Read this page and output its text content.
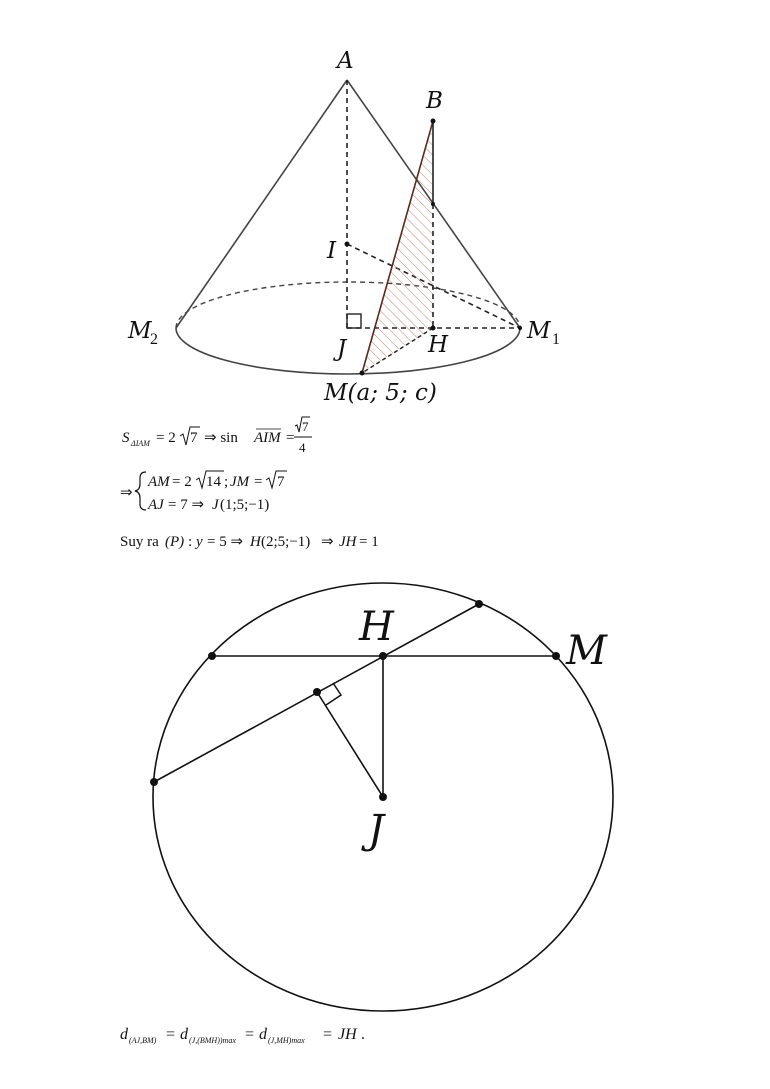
A
B
I
M
2	M 1
J	H
M(a; 5; c)
S ΔIAM = 2 7 ⇒ sin AIM =
7
4
⇒
AM = 2 14 ; JM = 7
AJ = 7 ⇒ J (1;5;−1)
Suy ra (P) : y = 5 ⇒ H (2;5;−1) ⇒ JH = 1
H
M
J
d (AJ,BM) = d (J,(BMH))max = d (J,MH)max = JH .
